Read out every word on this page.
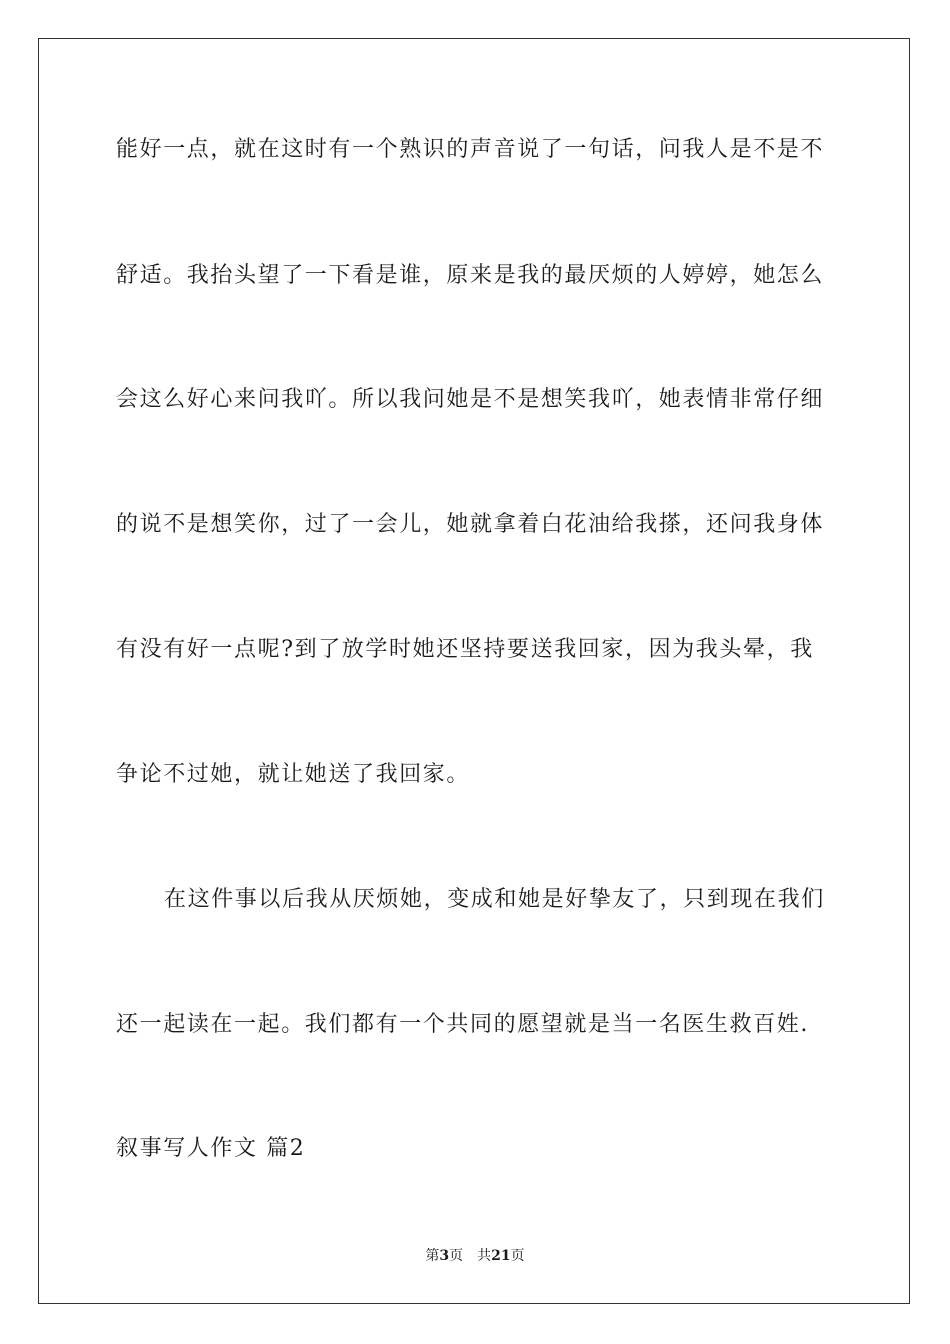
能好一点，就在这时有一个熟识的声音说了一句话，问我人是不是不
舒适。我抬头望了一下看是谁，原来是我的最厌烦的人婷婷，她怎么
会这么好心来问我吖。所以我问她是不是想笑我吖，她表情非常仔细
的说不是想笑你，过了一会儿，她就拿着白花油给我搽，还问我身体
有没有好一点呢?到了放学时她还坚持要送我回家，因为我头晕，我
争论不过她，就让她送了我回家。
在这件事以后我从厌烦她，变成和她是好挚友了，只到现在我们
还一起读在一起。我们都有一个共同的愿望就是当一名医生救百姓.
叙事写人作文 篇2
第3页 共21页
